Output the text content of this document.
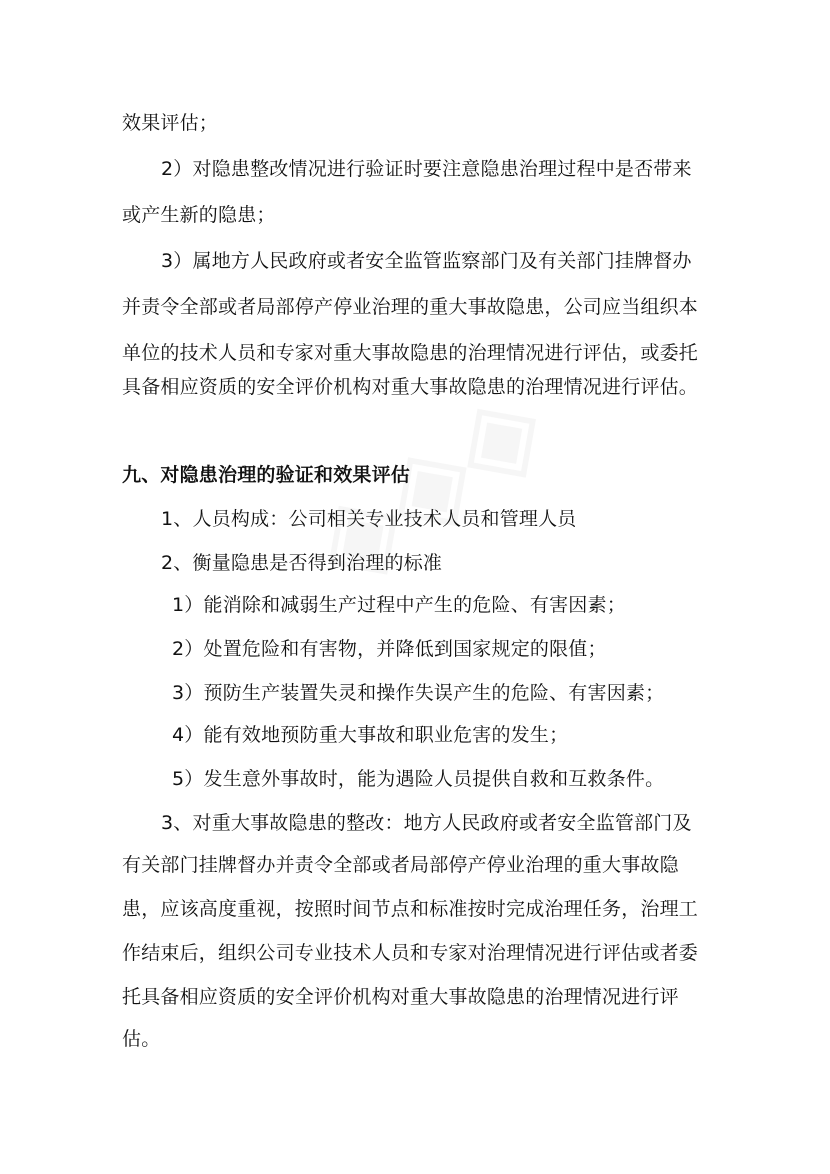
效果评估；
2）对隐患整改情况进行验证时要注意隐患治理过程中是否带来
或产生新的隐患；
3）属地方人民政府或者安全监管监察部门及有关部门挂牌督办
并责令全部或者局部停产停业治理的重大事故隐患，公司应当组织本
单位的技术人员和专家对重大事故隐患的治理情况进行评估，或委托
具备相应资质的安全评价机构对重大事故隐患的治理情况进行评估。
九、对隐患治理的验证和效果评估
1、人员构成：公司相关专业技术人员和管理人员
2、衡量隐患是否得到治理的标准
1）能消除和减弱生产过程中产生的危险、有害因素；
2）处置危险和有害物，并降低到国家规定的限值；
3）预防生产装置失灵和操作失误产生的危险、有害因素；
4）能有效地预防重大事故和职业危害的发生；
5）发生意外事故时，能为遇险人员提供自救和互救条件。
3、对重大事故隐患的整改：地方人民政府或者安全监管部门及
有关部门挂牌督办并责令全部或者局部停产停业治理的重大事故隐
患，应该高度重视，按照时间节点和标准按时完成治理任务，治理工
作结束后，组织公司专业技术人员和专家对治理情况进行评估或者委
托具备相应资质的安全评价机构对重大事故隐患的治理情况进行评
估。
